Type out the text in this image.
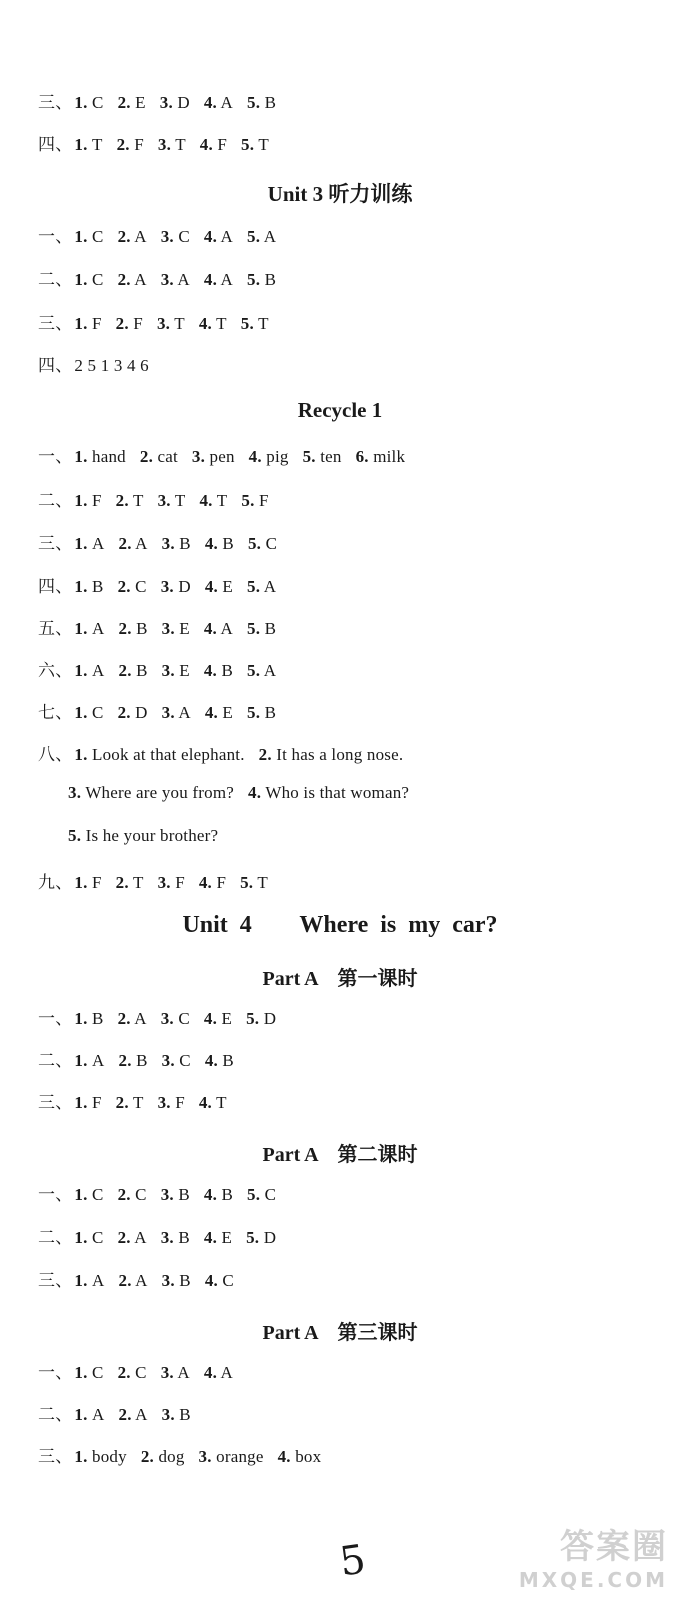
三、 1. C 2. E 3. D 4. A 5. B
四、 1. T 2. F 3. T 4. F 5. T
Unit 3 听力训练
一、 1. C 2. A 3. C 4. A 5. A
二、 1. C 2. A 3. A 4. A 5. B
三、 1. F 2. F 3. T 4. T 5. T
四、 2 5 1 3 4 6
Recycle 1
一、 1. hand 2. cat 3. pen 4. pig 5. ten 6. milk
二、 1. F 2. T 3. T 4. T 5. F
三、 1. A 2. A 3. B 4. B 5. C
四、 1. B 2. C 3. D 4. E 5. A
五、 1. A 2. B 3. E 4. A 5. B
六、 1. A 2. B 3. E 4. B 5. A
七、 1. C 2. D 3. A 4. E 5. B
八、 1. Look at that elephant. 2. It has a long nose.
3. Where are you from? 4. Who is that woman?
5. Is he your brother?
九、 1. F 2. T 3. F 4. F 5. T
Unit 4    Where is my car?
Part A    第一课时
一、 1. B 2. A 3. C 4. E 5. D
二、 1. A 2. B 3. C 4. B
三、 1. F 2. T 3. F 4. T
Part A    第二课时
一、 1. C 2. C 3. B 4. B 5. C
二、 1. C 2. A 3. B 4. E 5. D
三、 1. A 2. A 3. B 4. C
Part A    第三课时
一、 1. C 2. C 3. A 4. A
二、 1. A 2. A 3. B
三、 1. body 2. dog 3. orange 4. box
5	答案圈
MXQE.COM
